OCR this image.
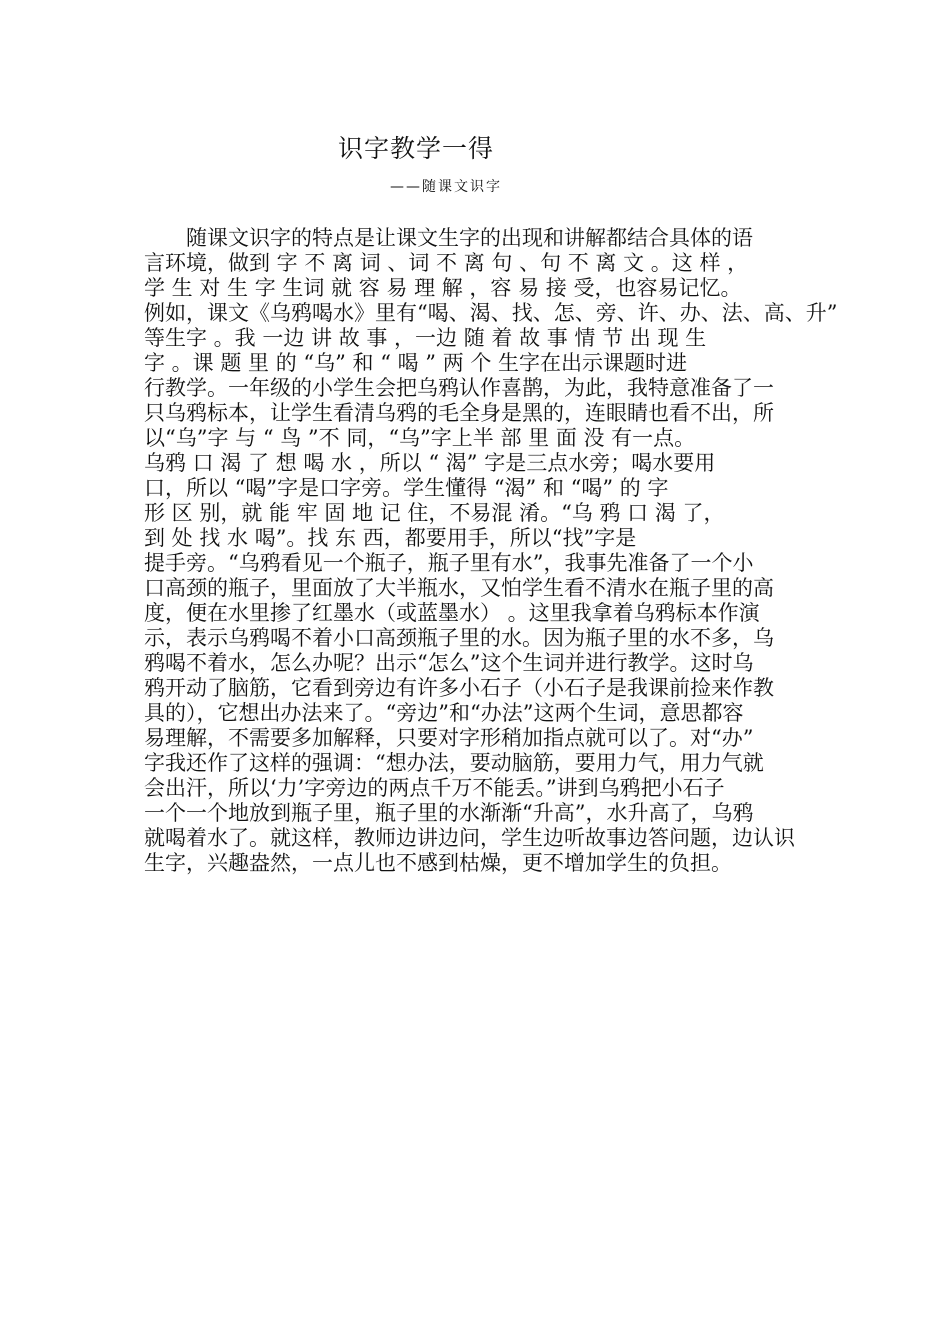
识字教学一得
——随课文识字
随课文识字的特点是让课文生字的出现和讲解都结合具体的语
言环境，做到 字 不 离 词 、词 不 离 句 、句 不 离 文 。这 样 ，
学 生 对 生 字 生词 就 容 易 理 解 ，容 易 接 受，也容易记忆。
例如，课文《乌鸦喝水》里有“喝、渴、找、怎、旁、许、办、法、高、升”
等生字 。我 一边 讲 故 事 ，一边 随 着 故 事 情 节 出 现 生
字 。课 题 里 的 “乌” 和 “ 喝 ” 两 个 生字在出示课题时进
行教学。一年级的小学生会把乌鸦认作喜鹊，为此，我特意准备了一
只乌鸦标本，让学生看清乌鸦的毛全身是黑的，连眼睛也看不出，所
以“乌”字 与 “ 鸟 ”不 同，“乌”字上半 部 里 面 没 有一点。
乌鸦 口 渴 了 想 喝 水 ，所以 “ 渴” 字是三点水旁；喝水要用
口，所以 “喝”字是口字旁。学生懂得 “渴” 和 “喝” 的 字
形 区 别，就 能 牢 固 地 记 住，不易混 淆。“乌 鸦 口 渴 了，
到 处 找 水 喝”。找 东 西，都要用手，所以“找”字是
提手旁。“乌鸦看见一个瓶子，瓶子里有水”，我事先准备了一个小
口高颈的瓶子，里面放了大半瓶水，又怕学生看不清水在瓶子里的高
度，便在水里掺了红墨水（或蓝墨水） 。这里我拿着乌鸦标本作演
示，表示乌鸦喝不着小口高颈瓶子里的水。因为瓶子里的水不多，乌
鸦喝不着水，怎么办呢？出示“怎么”这个生词并进行教学。这时乌
鸦开动了脑筋，它看到旁边有许多小石子（小石子是我课前捡来作教
具的），它想出办法来了。“旁边”和“办法”这两个生词，意思都容
易理解，不需要多加解释，只要对字形稍加指点就可以了。对“办”
字我还作了这样的强调：“想办法，要动脑筋，要用力气，用力气就
会出汗，所以‘力’字旁边的两点千万不能丢。”讲到乌鸦把小石子
一个一个地放到瓶子里，瓶子里的水渐渐“升高”，水升高了，乌鸦
就喝着水了。就这样，教师边讲边问，学生边听故事边答问题，边认识
生字，兴趣盎然，一点儿也不感到枯燥，更不增加学生的负担。
